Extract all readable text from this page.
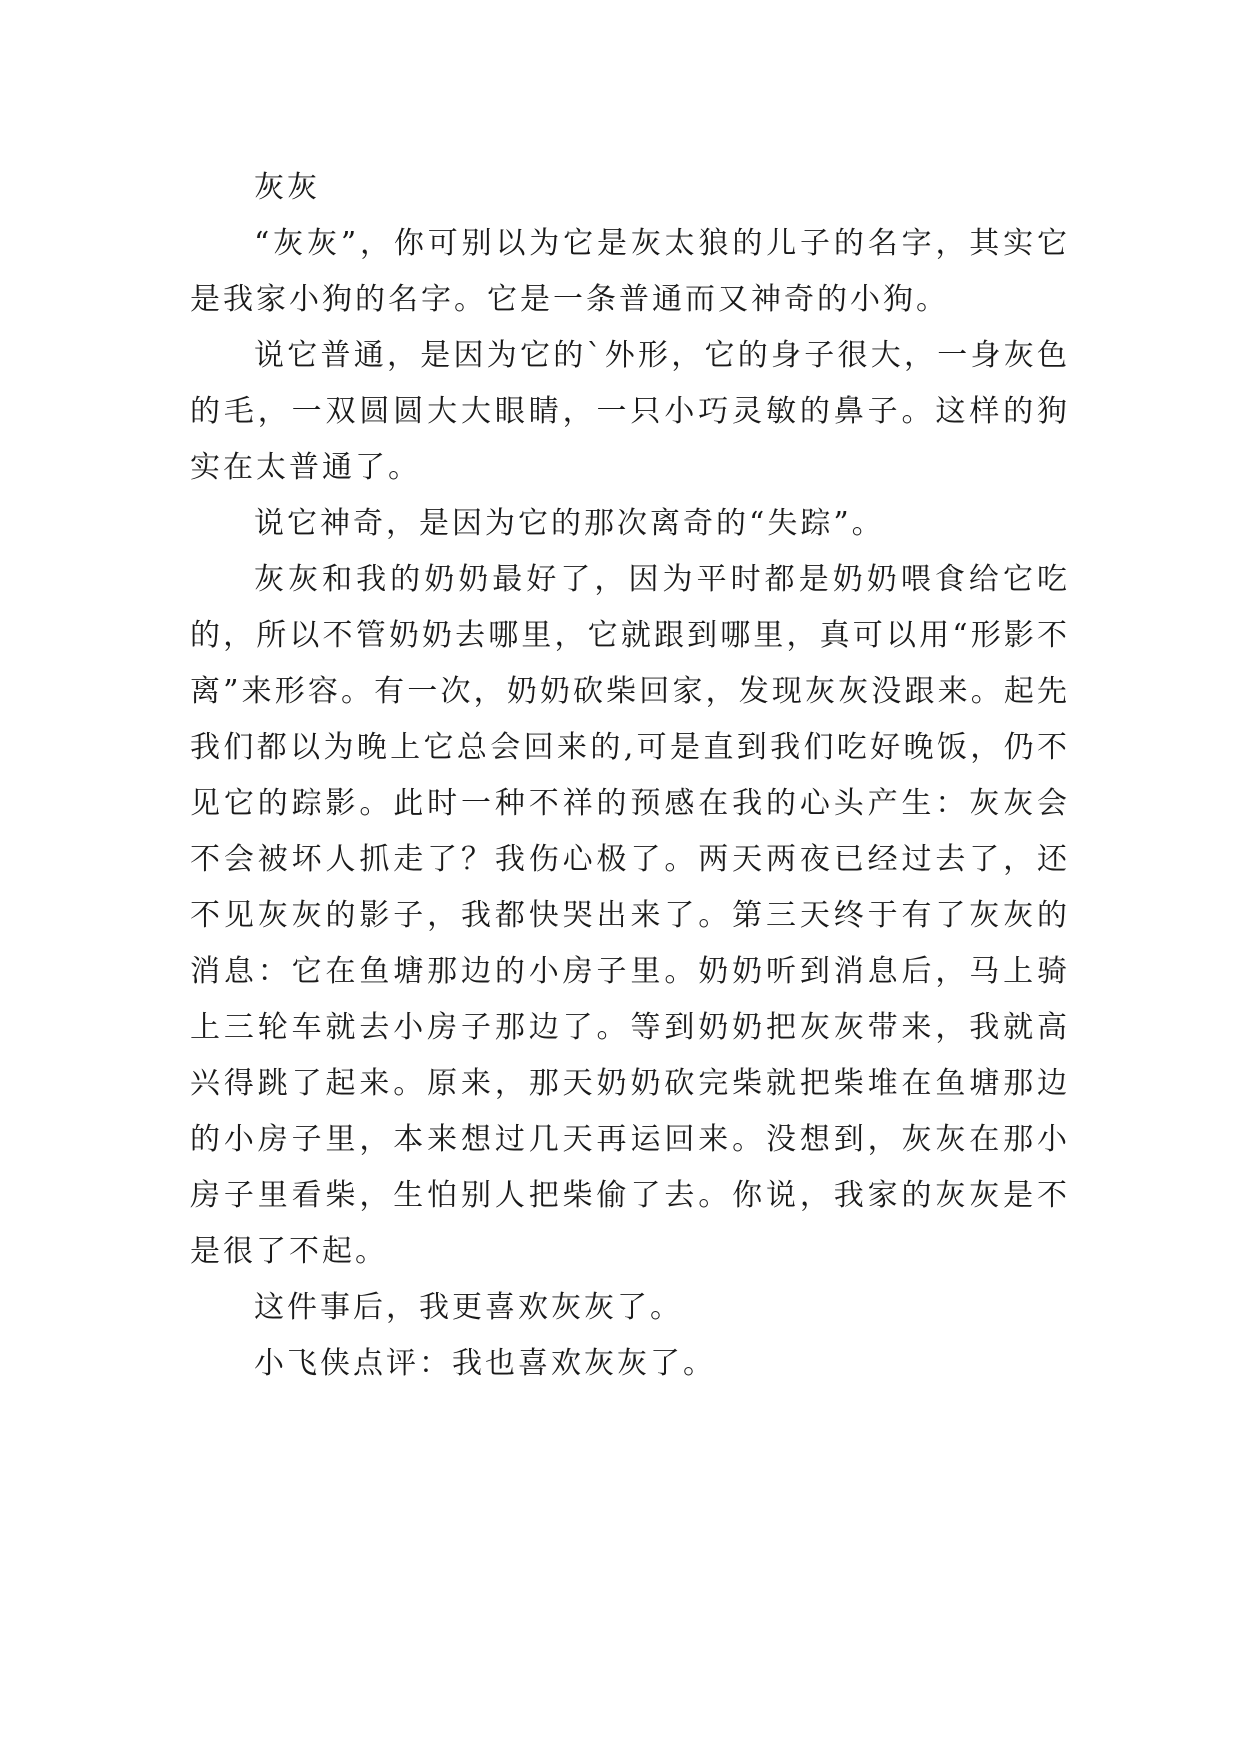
灰灰

“灰灰”，你可别以为它是灰太狼的儿子的名字，其实它是我家小狗的名字。它是一条普通而又神奇的小狗。

说它普通，是因为它的`外形，它的身子很大，一身灰色的毛，一双圆圆大大眼睛，一只小巧灵敏的鼻子。这样的狗实在太普通了。

说它神奇，是因为它的那次离奇的“失踪”。

灰灰和我的奶奶最好了，因为平时都是奶奶喂食给它吃的，所以不管奶奶去哪里，它就跟到哪里，真可以用“形影不离”来形容。有一次，奶奶砍柴回家，发现灰灰没跟来。起先我们都以为晚上它总会回来的,可是直到我们吃好晚饭，仍不见它的踪影。此时一种不祥的预感在我的心头产生：灰灰会不会被坏人抓走了？我伤心极了。两天两夜已经过去了，还不见灰灰的影子，我都快哭出来了。第三天终于有了灰灰的消息：它在鱼塘那边的小房子里。奶奶听到消息后，马上骑上三轮车就去小房子那边了。等到奶奶把灰灰带来，我就高兴得跳了起来。原来，那天奶奶砍完柴就把柴堆在鱼塘那边的小房子里，本来想过几天再运回来。没想到，灰灰在那小房子里看柴，生怕别人把柴偷了去。你说，我家的灰灰是不是很了不起。

这件事后，我更喜欢灰灰了。

小飞侠点评：我也喜欢灰灰了。
